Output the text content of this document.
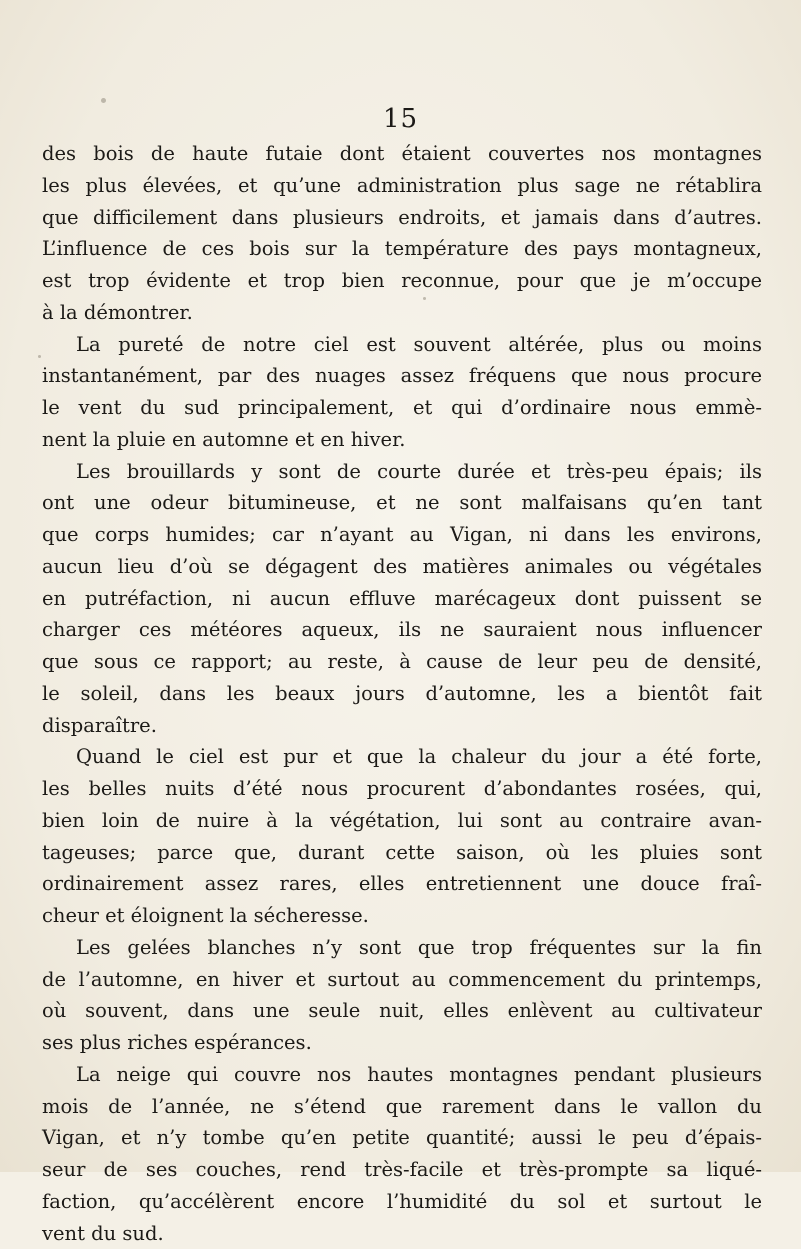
15
des bois de haute futaie dont étaient couvertes nos montagnes
les plus élevées, et qu’une administration plus sage ne rétablira
que difficilement dans plusieurs endroits, et jamais dans d’autres.
L’influence de ces bois sur la température des pays montagneux,
est trop évidente et trop bien reconnue, pour que je m’occupe
à la démontrer.
La pureté de notre ciel est souvent altérée, plus ou moins
instantanément, par des nuages assez fréquens que nous procure
le vent du sud principalement, et qui d’ordinaire nous emmè-
nent la pluie en automne et en hiver.
Les brouillards y sont de courte durée et très-peu épais; ils
ont une odeur bitumineuse, et ne sont malfaisans qu’en tant
que corps humides; car n’ayant au Vigan, ni dans les environs,
aucun lieu d’où se dégagent des matières animales ou végétales
en putréfaction, ni aucun effluve marécageux dont puissent se
charger ces météores aqueux, ils ne sauraient nous influencer
que sous ce rapport; au reste, à cause de leur peu de densité,
le soleil, dans les beaux jours d’automne, les a bientôt fait
disparaître.
Quand le ciel est pur et que la chaleur du jour a été forte,
les belles nuits d’été nous procurent d’abondantes rosées, qui,
bien loin de nuire à la végétation, lui sont au contraire avan-
tageuses; parce que, durant cette saison, où les pluies sont
ordinairement assez rares, elles entretiennent une douce fraî-
cheur et éloignent la sécheresse.
Les gelées blanches n’y sont que trop fréquentes sur la fin
de l’automne, en hiver et surtout au commencement du printemps,
où souvent, dans une seule nuit, elles enlèvent au cultivateur
ses plus riches espérances.
La neige qui couvre nos hautes montagnes pendant plusieurs
mois de l’année, ne s’étend que rarement dans le vallon du
Vigan, et n’y tombe qu’en petite quantité; aussi le peu d’épais-
seur de ses couches, rend très-facile et très-prompte sa liqué-
faction, qu’accélèrent encore l’humidité du sol et surtout le
vent du sud.
